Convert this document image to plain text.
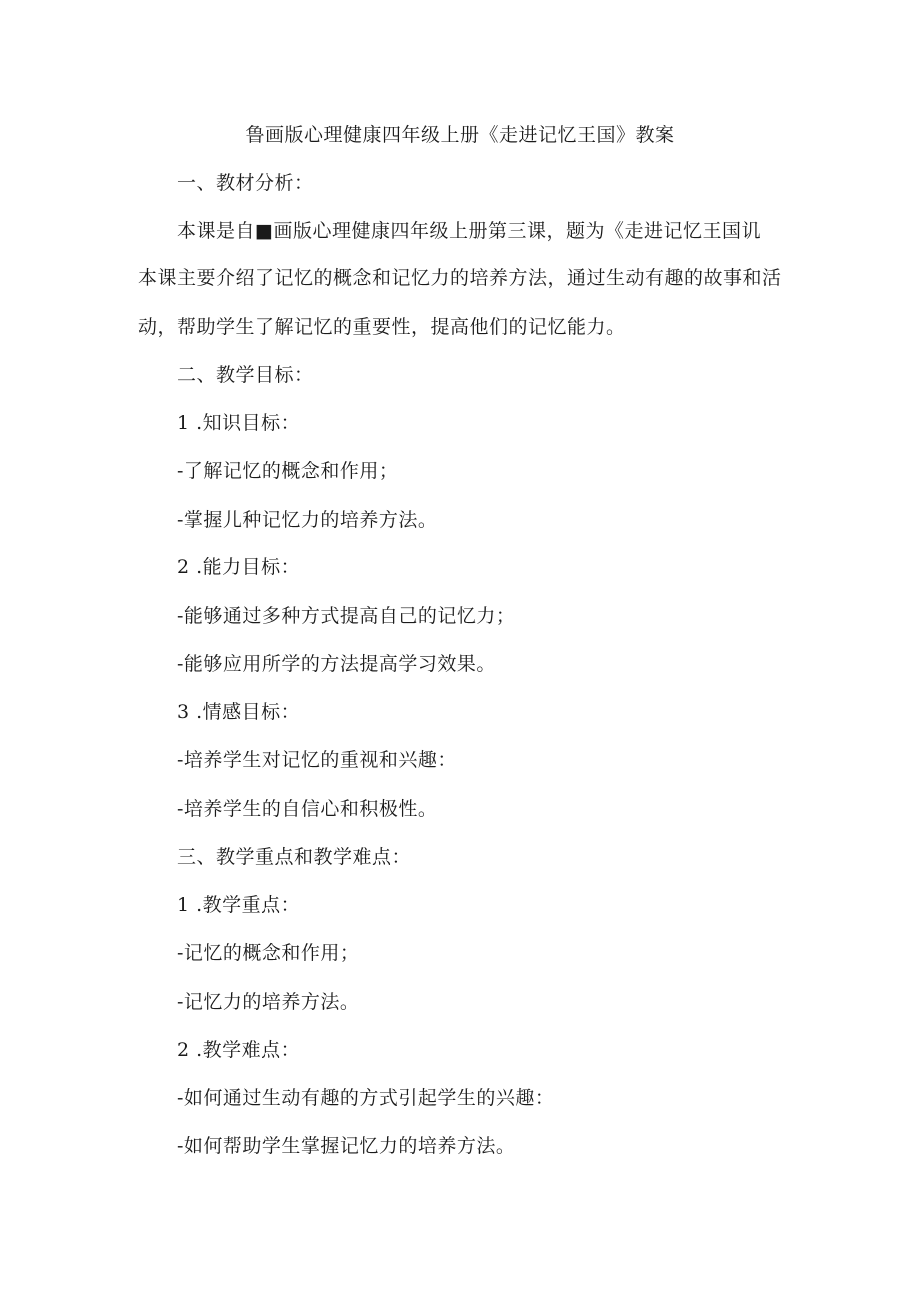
鲁画版心理健康四年级上册《走进记忆王国》教案
一、教材分析：
本课是自■画版心理健康四年级上册第三课，题为《走进记忆王国讥
本课主要介绍了记忆的概念和记忆力的培养方法，通过生动有趣的故事和活
动，帮助学生了解记忆的重要性，提高他们的记忆能力。
二、教学目标：
1 .知识目标：
-了解记忆的概念和作用；
-掌握儿种记忆力的培养方法。
2 .能力目标：
-能够通过多种方式提高自己的记忆力；
-能够应用所学的方法提高学习效果。
3 .情感目标：
-培养学生对记忆的重视和兴趣：
-培养学生的自信心和积极性。
三、教学重点和教学难点：
1 .教学重点：
-记忆的概念和作用；
-记忆力的培养方法。
2 .教学难点：
-如何通过生动有趣的方式引起学生的兴趣：
-如何帮助学生掌握记忆力的培养方法。
